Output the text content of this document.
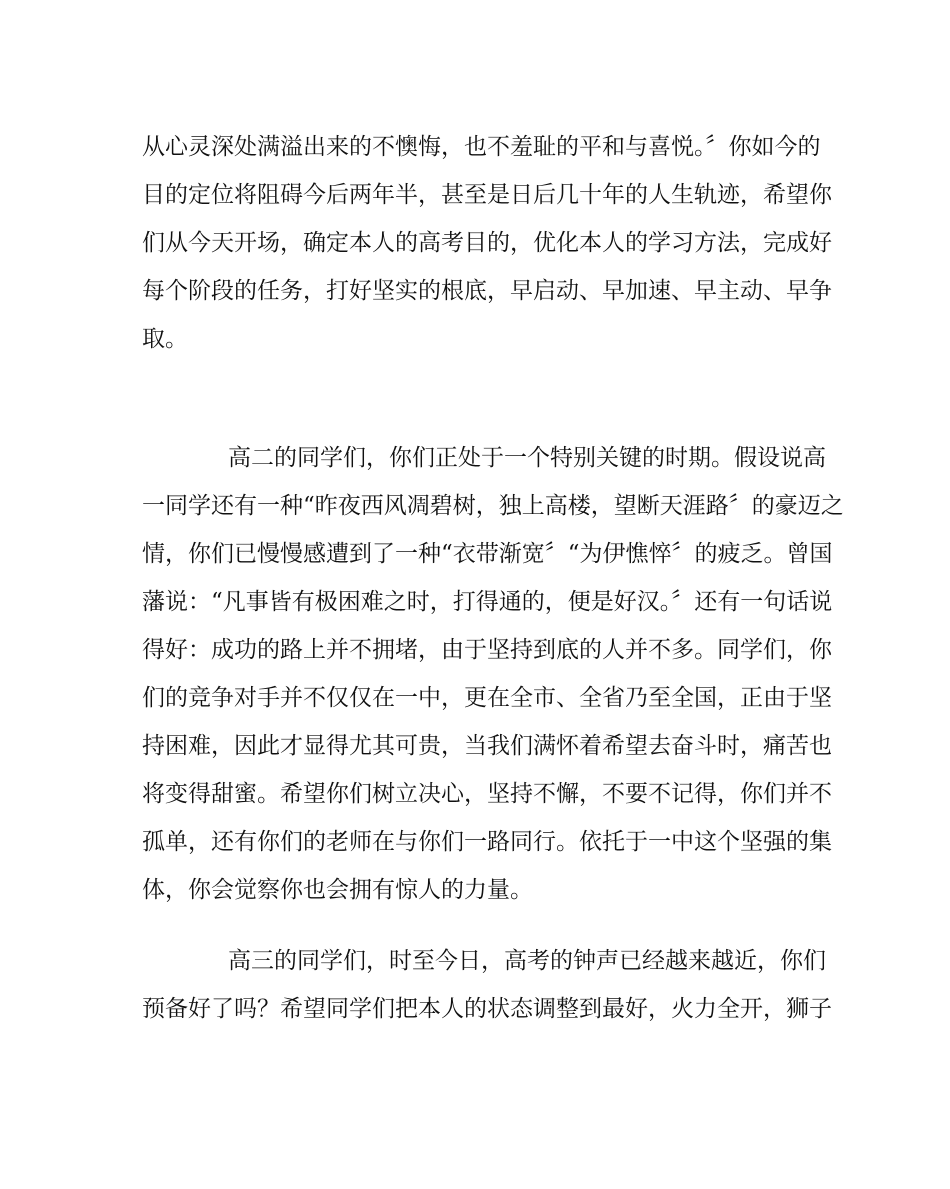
从心灵深处满溢出来的不懊悔，也不羞耻的平和与喜悦。〞你如今的
目的定位将阻碍今后两年半，甚至是日后几十年的人生轨迹，希望你
们从今天开场，确定本人的高考目的，优化本人的学习方法，完成好
每个阶段的任务，打好坚实的根底，早启动、早加速、早主动、早争
取。
高二的同学们，你们正处于一个特别关键的时期。假设说高
一同学还有一种“昨夜西风凋碧树，独上高楼，望断天涯路〞的豪迈之
情，你们已慢慢感遭到了一种“衣带渐宽〞“为伊憔悴〞的疲乏。曾国
藩说：“凡事皆有极困难之时，打得通的，便是好汉。〞还有一句话说
得好：成功的路上并不拥堵，由于坚持到底的人并不多。同学们，你
们的竞争对手并不仅仅在一中，更在全市、全省乃至全国，正由于坚
持困难，因此才显得尤其可贵，当我们满怀着希望去奋斗时，痛苦也
将变得甜蜜。希望你们树立决心，坚持不懈，不要不记得，你们并不
孤单，还有你们的老师在与你们一路同行。依托于一中这个坚强的集
体，你会觉察你也会拥有惊人的力量。
高三的同学们，时至今日，高考的钟声已经越来越近，你们
预备好了吗？希望同学们把本人的状态调整到最好，火力全开，狮子
